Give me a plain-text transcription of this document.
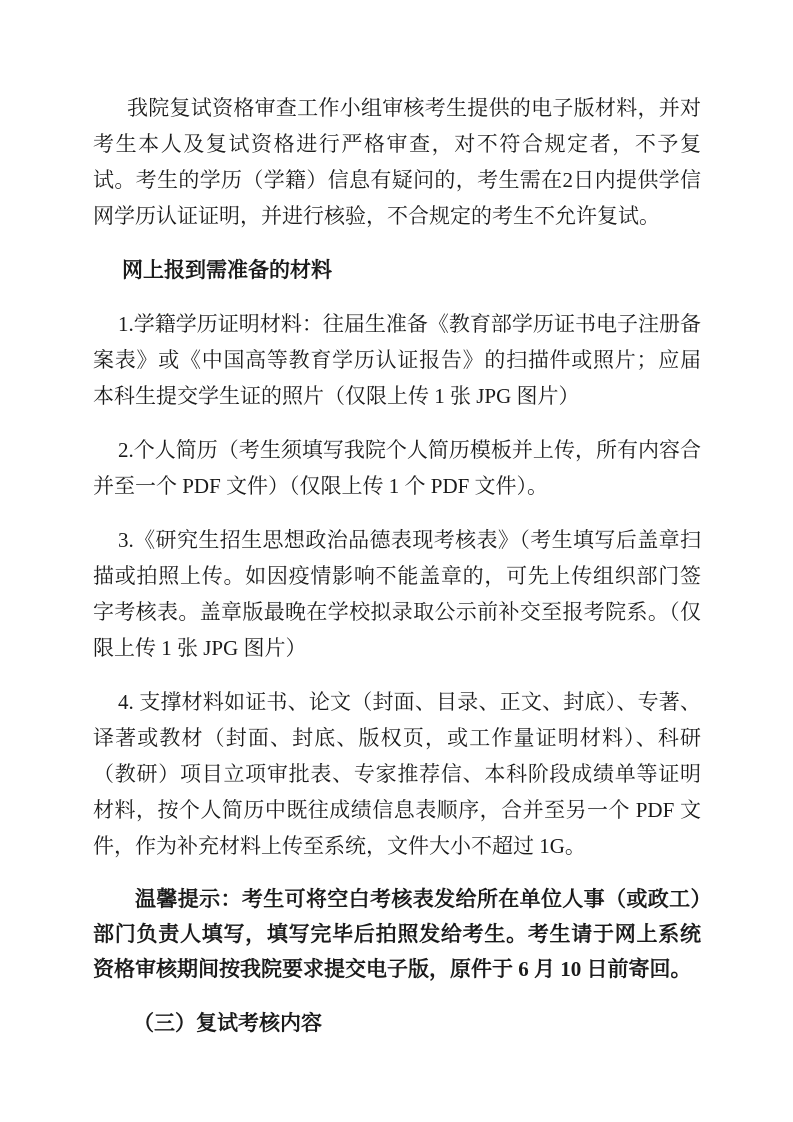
我院复试资格审查工作小组审核考生提供的电子版材料，并对考生本人及复试资格进行严格审查，对不符合规定者，不予复试。考生的学历（学籍）信息有疑问的，考生需在2日内提供学信网学历认证证明，并进行核验，不合规定的考生不允许复试。

网上报到需准备的材料

1.学籍学历证明材料：往届生准备《教育部学历证书电子注册备案表》或《中国高等教育学历认证报告》的扫描件或照片；应届本科生提交学生证的照片（仅限上传 1 张 JPG 图片）

2.个人简历（考生须填写我院个人简历模板并上传，所有内容合并至一个 PDF 文件）（仅限上传 1 个 PDF 文件）。

3.《研究生招生思想政治品德表现考核表》（考生填写后盖章扫描或拍照上传。如因疫情影响不能盖章的，可先上传组织部门签字考核表。盖章版最晚在学校拟录取公示前补交至报考院系。（仅限上传 1 张 JPG 图片）

4. 支撑材料如证书、论文（封面、目录、正文、封底）、专著、译著或教材（封面、封底、版权页，或工作量证明材料）、科研（教研）项目立项审批表、专家推荐信、本科阶段成绩单等证明材料，按个人简历中既往成绩信息表顺序，合并至另一个 PDF 文件，作为补充材料上传至系统，文件大小不超过 1G。

温馨提示：考生可将空白考核表发给所在单位人事（或政工）部门负责人填写，填写完毕后拍照发给考生。考生请于网上系统资格审核期间按我院要求提交电子版，原件于 6 月 10 日前寄回。

（三）复试考核内容
